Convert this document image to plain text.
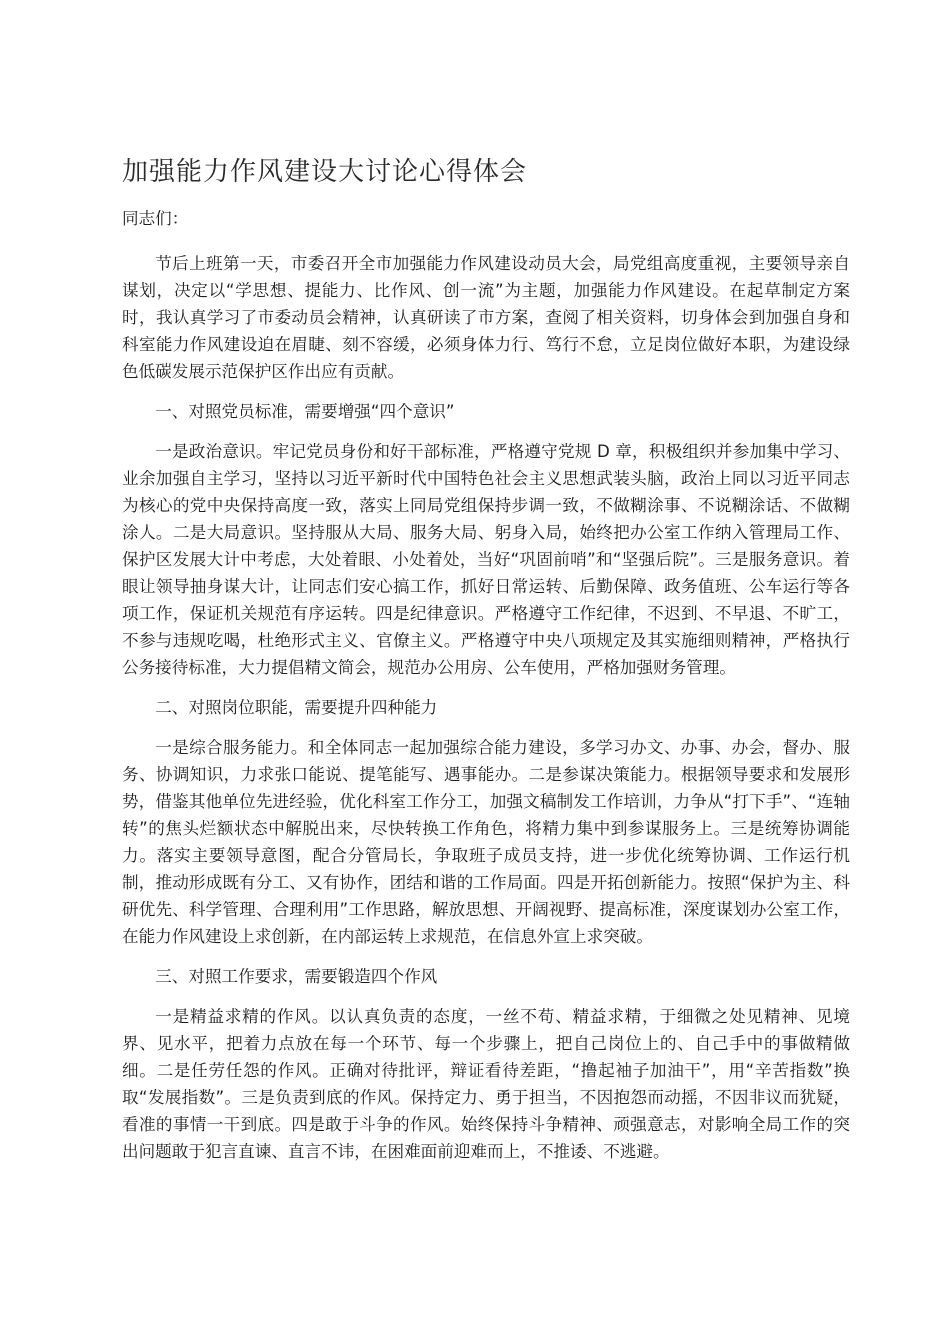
加强能力作风建设大讨论心得体会

同志们：

节后上班第一天，市委召开全市加强能力作风建设动员大会，局党组高度重视，主要领导亲自谋划，决定以“学思想、提能力、比作风、创一流”为主题，加强能力作风建设。在起草制定方案时，我认真学习了市委动员会精神，认真研读了市方案，查阅了相关资料，切身体会到加强自身和科室能力作风建设迫在眉睫、刻不容缓，必须身体力行、笃行不怠，立足岗位做好本职，为建设绿色低碳发展示范保护区作出应有贡献。

一、对照党员标准，需要增强“四个意识”

一是政治意识。牢记党员身份和好干部标准，严格遵守党规 D 章，积极组织并参加集中学习、业余加强自主学习，坚持以习近平新时代中国特色社会主义思想武装头脑，政治上同以习近平同志为核心的党中央保持高度一致，落实上同局党组保持步调一致，不做糊涂事、不说糊涂话、不做糊涂人。二是大局意识。坚持服从大局、服务大局、躬身入局，始终把办公室工作纳入管理局工作、保护区发展大计中考虑，大处着眼、小处着处，当好“巩固前哨”和“坚强后院”。三是服务意识。着眼让领导抽身谋大计，让同志们安心搞工作，抓好日常运转、后勤保障、政务值班、公车运行等各项工作，保证机关规范有序运转。四是纪律意识。严格遵守工作纪律，不迟到、不早退、不旷工，不参与违规吃喝，杜绝形式主义、官僚主义。严格遵守中央八项规定及其实施细则精神，严格执行公务接待标准，大力提倡精文简会，规范办公用房、公车使用，严格加强财务管理。

二、对照岗位职能，需要提升四种能力

一是综合服务能力。和全体同志一起加强综合能力建设，多学习办文、办事、办会，督办、服务、协调知识，力求张口能说、提笔能写、遇事能办。二是参谋决策能力。根据领导要求和发展形势，借鉴其他单位先进经验，优化科室工作分工，加强文稿制发工作培训，力争从“打下手”、“连轴转”的焦头烂额状态中解脱出来，尽快转换工作角色，将精力集中到参谋服务上。三是统筹协调能力。落实主要领导意图，配合分管局长，争取班子成员支持，进一步优化统筹协调、工作运行机制，推动形成既有分工、又有协作，团结和谐的工作局面。四是开拓创新能力。按照“保护为主、科研优先、科学管理、合理利用”工作思路，解放思想、开阔视野、提高标准，深度谋划办公室工作，在能力作风建设上求创新，在内部运转上求规范，在信息外宣上求突破。

三、对照工作要求，需要锻造四个作风

一是精益求精的作风。以认真负责的态度，一丝不苟、精益求精，于细微之处见精神、见境界、见水平，把着力点放在每一个环节、每一个步骤上，把自己岗位上的、自己手中的事做精做细。二是任劳任怨的作风。正确对待批评，辩证看待差距，“撸起袖子加油干”，用“辛苦指数”换取“发展指数”。三是负责到底的作风。保持定力、勇于担当，不因抱怨而动摇，不因非议而犹疑，看准的事情一干到底。四是敢于斗争的作风。始终保持斗争精神、顽强意志，对影响全局工作的突出问题敢于犯言直谏、直言不讳，在困难面前迎难而上，不推诿、不逃避。
